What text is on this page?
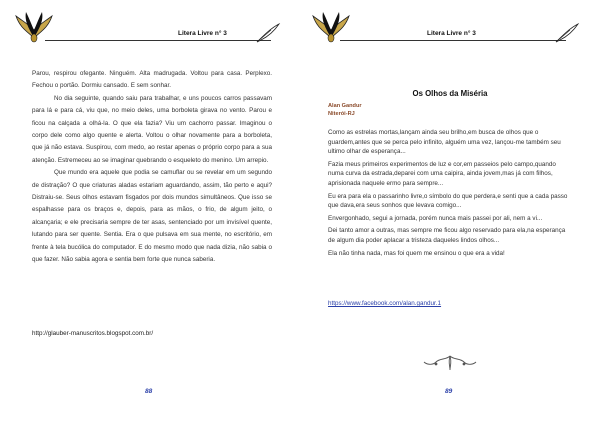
Litera Livre n° 3

Parou, respirou ofegante. Ninguém. Alta madrugada. Voltou para casa. Perplexo. Fechou o portão. Dormiu cansado. E sem sonhar.

No dia seguinte, quando saiu para trabalhar, e uns poucos carros passavam para lá e para cá, viu que, no meio deles, uma borboleta girava no vento. Parou e ficou na calçada a olhá-la. O que ela fazia? Viu um cachorro passar. Imaginou o corpo dele como algo quente e alerta. Voltou o olhar novamente para a borboleta, que já não estava. Suspirou, com medo, ao restar apenas o próprio corpo para a sua atenção. Estremeceu ao se imaginar quebrando o esqueleto do menino. Um arrepio.

Que mundo era aquele que podia se camuflar ou se revelar em um segundo de distração? O que criaturas aladas estariam aguardando, assim, tão perto e aqui? Distraiu-se. Seus olhos estavam fisgados por dois mundos simultâneos. Que isso se espalhasse para os braços e, depois, para as mãos, o frio, de algum jeito, o alcançaria; e ele precisaria sempre de ter asas, sentenciado por um invisível quente, lutando para ser quente. Sentia. Era o que pulsava em sua mente, no escritório, em frente à tela bucólica do computador. E do mesmo modo que nada dizia, não sabia o que fazer. Não sabia agora e sentia bem forte que nunca saberia.

http://glauber-manuscritos.blogspot.com.br/
88
Litera Livre n° 3
Os Olhos da Miséria
Alan Gandur
Niterói-RJ

Como as estrelas mortas,lançam ainda seu brilho,em busca de olhos que o guardem,antes que se perca pelo infinito, alguém uma vez, lançou-me também seu ultimo olhar de esperança...

Fazia meus primeiros experimentos de luz e cor,em passeios pelo campo,quando numa curva da estrada,deparei com uma caipira, ainda jovem,mas já com filhos, aprisionada naquele ermo para sempre...

Eu era para ela o passarinho livre,o símbolo do que perdera,e senti que a cada passo que dava,era seus sonhos que levava comigo...

Envergonhado, segui a jornada, porém nunca mais passei por ali, nem a vi...

Dei tanto amor a outras, mas sempre me ficou algo reservado para ela,na esperança de algum dia poder aplacar a tristeza daqueles lindos olhos...

Ela não tinha nada, mas foi quem me ensinou o que era a vida!

https://www.facebook.com/alan.gandur.1
89
